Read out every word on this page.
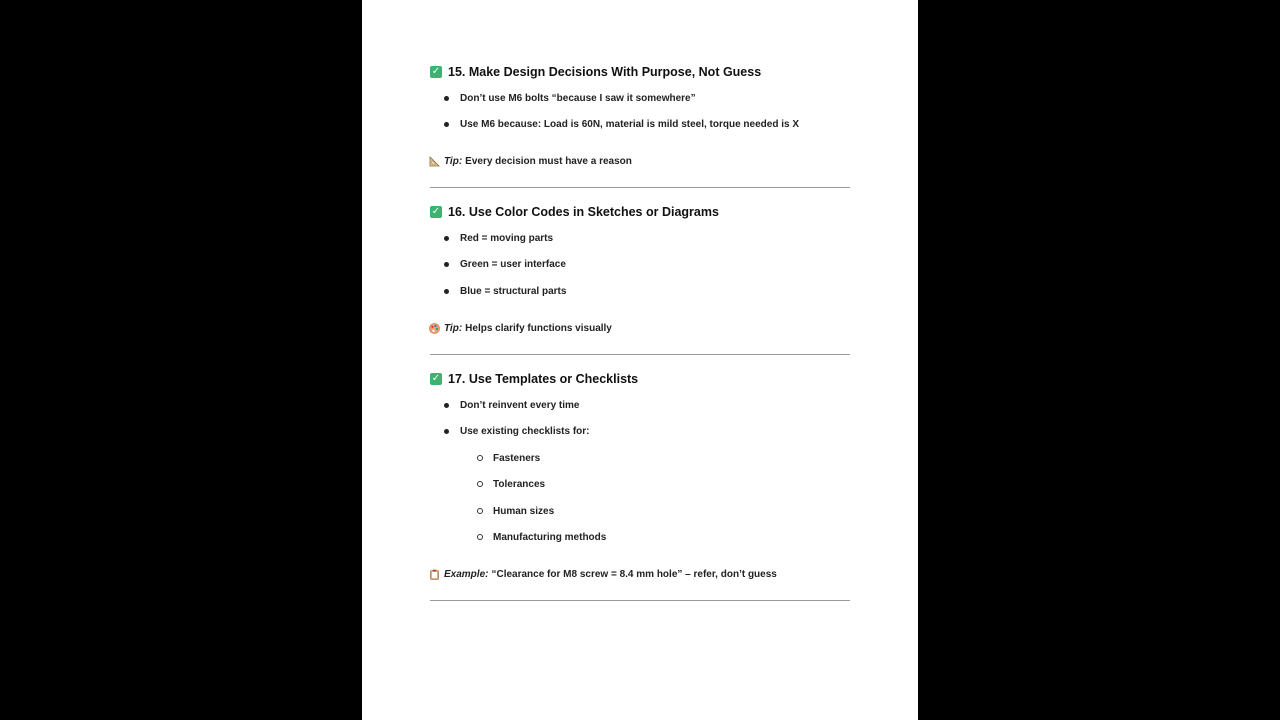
✓ 15. Make Design Decisions With Purpose, Not Guess
Don’t use M6 bolts “because I saw it somewhere”
Use M6 because: Load is 60N, material is mild steel, torque needed is X
Tip: Every decision must have a reason
✓ 16. Use Color Codes in Sketches or Diagrams
Red = moving parts
Green = user interface
Blue = structural parts
Tip: Helps clarify functions visually
✓ 17. Use Templates or Checklists
Don’t reinvent every time
Use existing checklists for:
Fasteners
Tolerances
Human sizes
Manufacturing methods
Example: “Clearance for M8 screw = 8.4 mm hole” – refer, don’t guess
